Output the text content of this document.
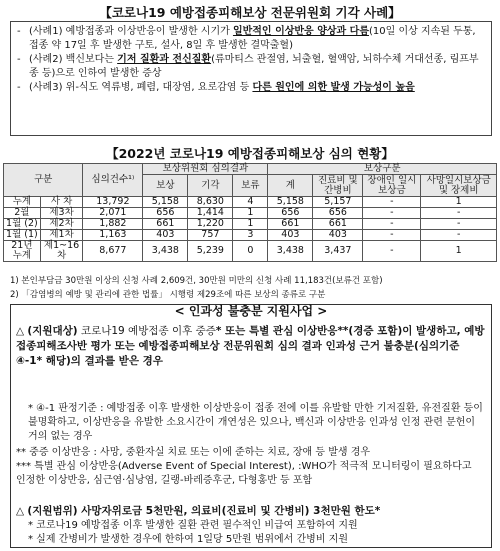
【코로나19 예방접종피해보상 전문위원회 기각 사례】
- (사례1) 예방접종과 이상반응이 발생한 시기가 일반적인 이상반응 양상과 다름(10일 이상 지속된 두통, 접종 약 17일 후 발생한 구토, 설사, 8일 후 발생한 결막출혈)
- (사례2) 백신보다는 기저 질환과 전신질환(류마티스 관절염, 뇌출혈, 혈액암, 뇌하수체 거대선종, 림프부종 등)으로 인하여 발생한 증상
- (사례3) 위-식도 역류병, 폐렴, 대장염, 요로감염 등 다른 원인에 의한 발생 가능성이 높음
【2022년 코로나19 예방접종피해보상 심의 현황】
구분		심의건수¹⁾	보상위원회 심의결과			보상구분			
			보상	기각	보류	계	진료비 및 간병비	장애인 일시보상금	사망일시보상금 및 장제비
누계	사 차	13,792	5,158	8,630	4	5,158	5,157	-	1
2월	제3차	2,071	656	1,414	1	656	656	-	-
1월 (2)	제2차	1,882	661	1,220	1	661	661	-	-
1월 (1)	제1차	1,163	403	757	3	403	403	-	-
21년 누계	제1~16차	8,677	3,438	5,239	0	3,438	3,437	-	1
1) 본인부담금 30만원 이상의 신청 사례 2,609건, 30만원 미만의 신청 사례 11,183건(보류건 포함)
2) 「감염병의 예방 및 관리에 관한 법률」 시행령 제29조에 따른 보상의 종류로 구분
< 인과성 불충분 지원사업 >
△ (지원대상) 코로나19 예방접종 이후 중증* 또는 특별 관심 이상반응**(경증 포함)이 발생하고, 예방접종피해조사반 평가 또는 예방접종피해보상 전문위원회 심의 결과 인과성 근거 불충분(심의기준 ④-1* 해당)의 결과를 받은 경우
* ④-1 판정기준 : 예방접종 이후 발생한 이상반응이 접종 전에 이를 유발할 만한 기저질환, 유전질환 등이 불명확하고, 이상반응을 유발한 소요시간이 개연성은 있으나, 백신과 이상반응 인과성 인정 관련 문헌이 거의 없는 경우
** 중증 이상반응 : 사망, 중환자실 치료 또는 이에 준하는 치료, 장애 등 발생 경우
*** 특별 관심 이상반응(Adverse Event of Special Interest), :WHO가 적극적 모니터링이 필요하다고
인정한 이상반응, 심근염·심낭염, 길랭-바레증후군, 다형홍반 등 포함
△ (지원범위) 사망자위로금 5천만원, 의료비(진료비 및 간병비) 3천만원 한도*
* 코로나19 예방접종 이후 발생한 질환 관련 필수적인 비급여 포함하여 지원
* 실제 간병비가 발생한 경우에 한하여 1일당 5만원 범위에서 간병비 지원
